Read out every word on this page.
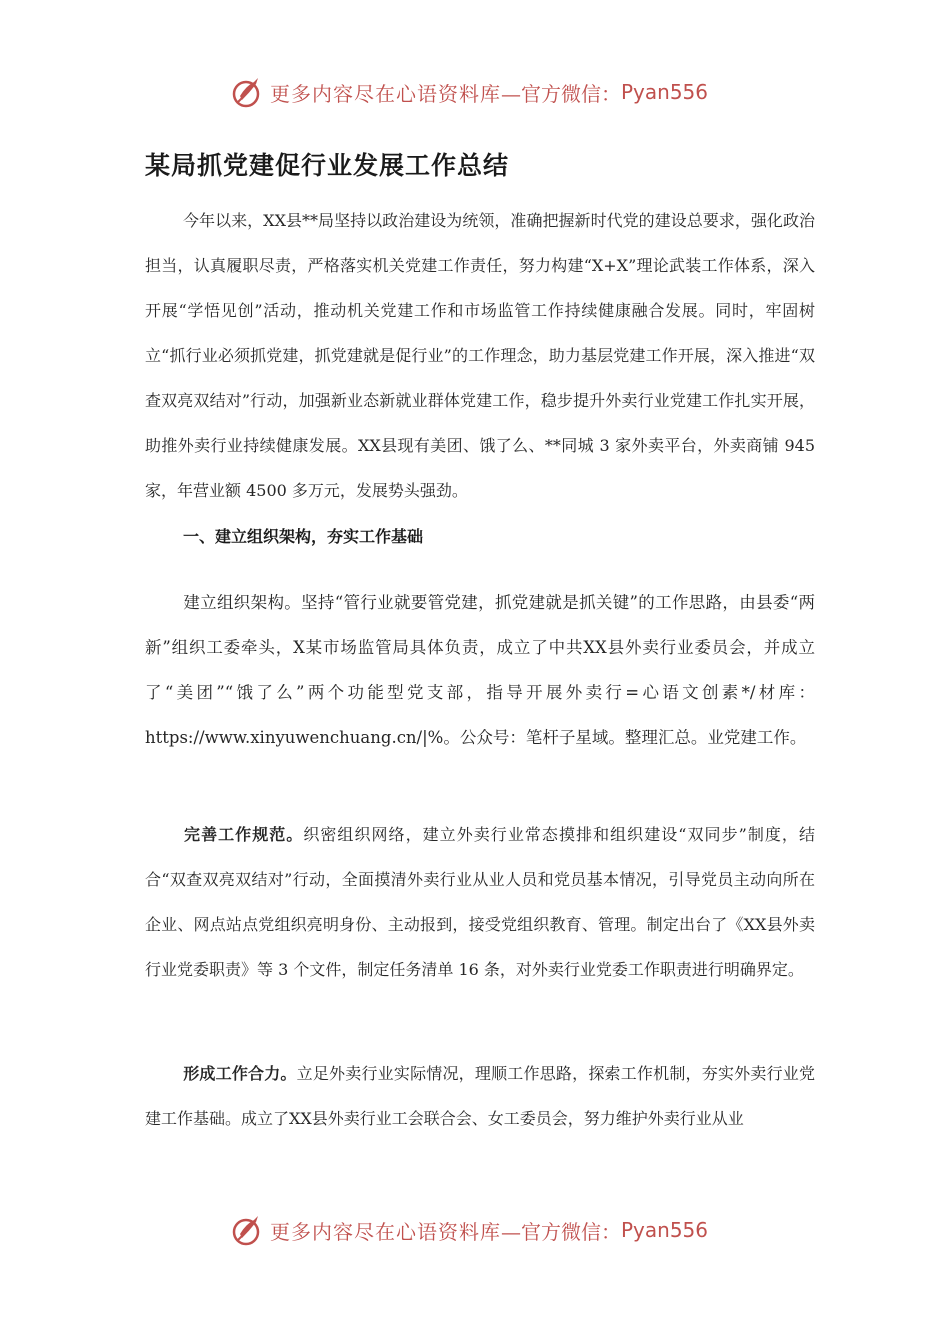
更多内容尽在心语资料库 —官方微信： Pyan556
某局抓党建促行业发展工作总结
今年以来，XX县**局坚持以政治建设为统领，准确把握新时代党的建设总要求，强化政治担当，认真履职尽责，严格落实机关党建工作责任，努力构建“X+X”理论武装工作体系，深入开展“学悟见创”活动，推动机关党建工作和市场监管工作持续健康融合发展。同时，牢固树立“抓行业必须抓党建，抓党建就是促行业”的工作理念，助力基层党建工作开展，深入推进“双查双亮双结对”行动，加强新业态新就业群体党建工作，稳步提升外卖行业党建工作扎实开展，助推外卖行业持续健康发展。XX县现有美团、饿了么、**同城 3 家外卖平台，外卖商铺 945 家，年营业额 4500 多万元，发展势头强劲。
一、建立组织架构，夯实工作基础
建立组织架构。坚持“管行业就要管党建，抓党建就是抓关键”的工作思路，由县委“两新”组织工委牵头，X某市场监管局具体负责，成立了中共XX县外卖行业委员会，并成立了“美团”“饿了么”两个功能型党支部，指导开展外卖行=心语文创素*/材库：https://www.xinyuwenchuang.cn/|%。公众号：笔杆子星域。整理汇总。业党建工作。
完善工作规范。织密组织网络，建立外卖行业常态摸排和组织建设“双同步”制度，结合“双查双亮双结对”行动，全面摸清外卖行业从业人员和党员基本情况，引导党员主动向所在企业、网点站点党组织亮明身份、主动报到，接受党组织教育、管理。制定出台了《XX县外卖行业党委职责》等 3 个文件，制定任务清单 16 条，对外卖行业党委工作职责进行明确界定。
形成工作合力。立足外卖行业实际情况，理顺工作思路，探索工作机制，夯实外卖行业党建工作基础。成立了XX县外卖行业工会联合会、女工委员会，努力维护外卖行业从业
更多内容尽在心语资料库 —官方微信： Pyan556
